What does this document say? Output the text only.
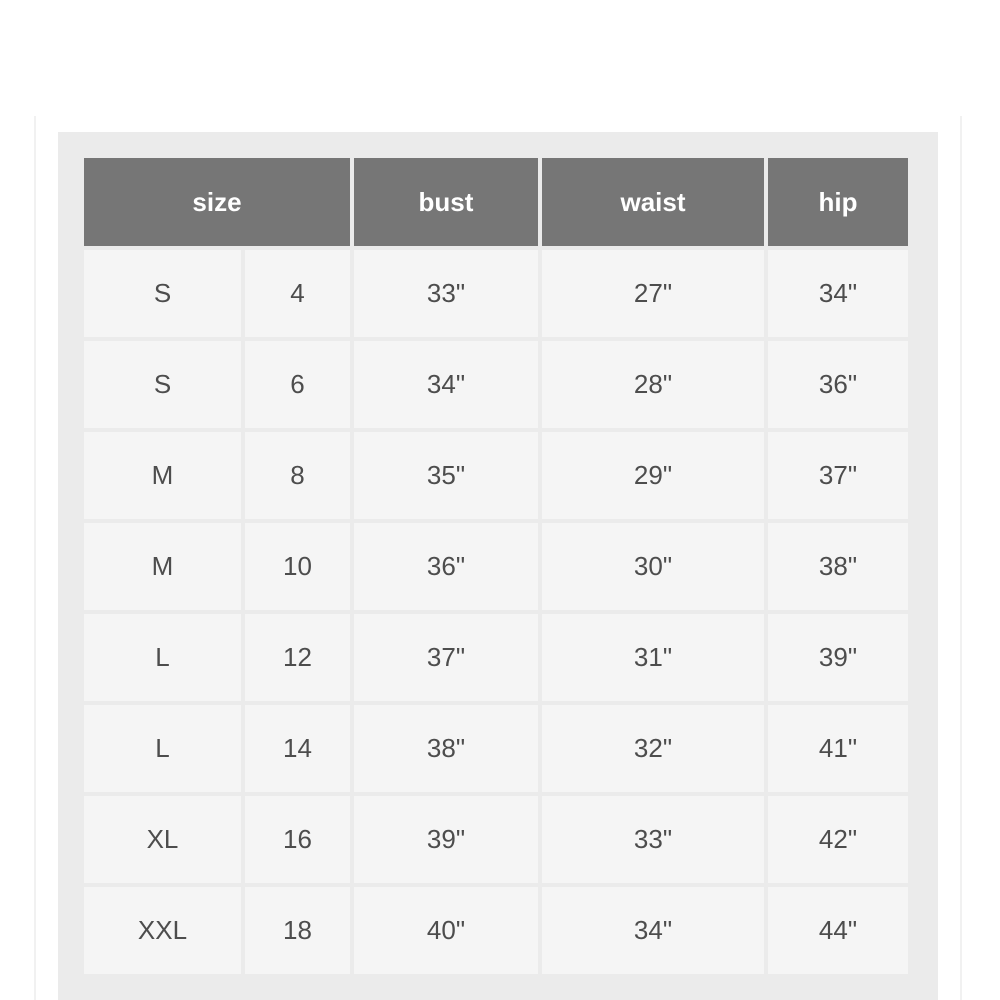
size		bust	waist	hip
S	4	33"	27"	34"
S	6	34"	28"	36"
M	8	35"	29"	37"
M	10	36"	30"	38"
L	12	37"	31"	39"
L	14	38"	32"	41"
XL	16	39"	33"	42"
XXL	18	40"	34"	44"
